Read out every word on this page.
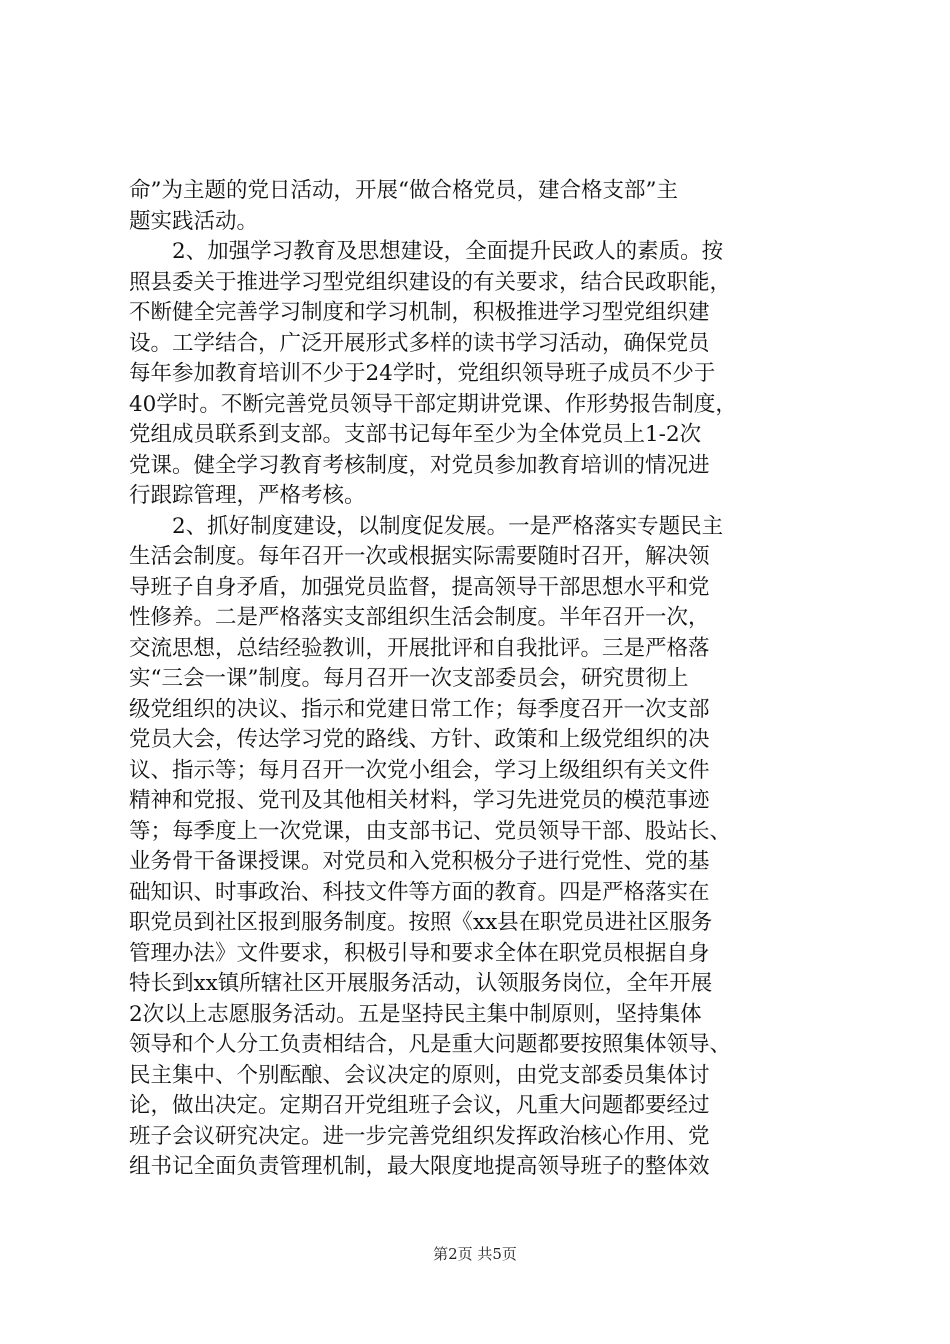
命”为主题的党日活动，开展“做合格党员，建合格支部”主
题实践活动。
　　2、加强学习教育及思想建设，全面提升民政人的素质。按
照县委关于推进学习型党组织建设的有关要求，结合民政职能，
不断健全完善学习制度和学习机制，积极推进学习型党组织建
设。工学结合，广泛开展形式多样的读书学习活动，确保党员
每年参加教育培训不少于24学时，党组织领导班子成员不少于
40学时。不断完善党员领导干部定期讲党课、作形势报告制度，
党组成员联系到支部。支部书记每年至少为全体党员上1-2次
党课。健全学习教育考核制度，对党员参加教育培训的情况进
行跟踪管理，严格考核。
　　2、抓好制度建设，以制度促发展。一是严格落实专题民主
生活会制度。每年召开一次或根据实际需要随时召开，解决领
导班子自身矛盾，加强党员监督，提高领导干部思想水平和党
性修养。二是严格落实支部组织生活会制度。半年召开一次，
交流思想，总结经验教训，开展批评和自我批评。三是严格落
实“三会一课”制度。每月召开一次支部委员会，研究贯彻上
级党组织的决议、指示和党建日常工作；每季度召开一次支部
党员大会，传达学习党的路线、方针、政策和上级党组织的决
议、指示等；每月召开一次党小组会，学习上级组织有关文件
精神和党报、党刊及其他相关材料，学习先进党员的模范事迹
等；每季度上一次党课，由支部书记、党员领导干部、股站长、
业务骨干备课授课。对党员和入党积极分子进行党性、党的基
础知识、时事政治、科技文件等方面的教育。四是严格落实在
职党员到社区报到服务制度。按照《xx县在职党员进社区服务
管理办法》文件要求，积极引导和要求全体在职党员根据自身
特长到xx镇所辖社区开展服务活动，认领服务岗位，全年开展
2次以上志愿服务活动。五是坚持民主集中制原则，坚持集体
领导和个人分工负责相结合，凡是重大问题都要按照集体领导、
民主集中、个别酝酿、会议决定的原则，由党支部委员集体讨
论，做出决定。定期召开党组班子会议，凡重大问题都要经过
班子会议研究决定。进一步完善党组织发挥政治核心作用、党
组书记全面负责管理机制，最大限度地提高领导班子的整体效
第2页 共5页
